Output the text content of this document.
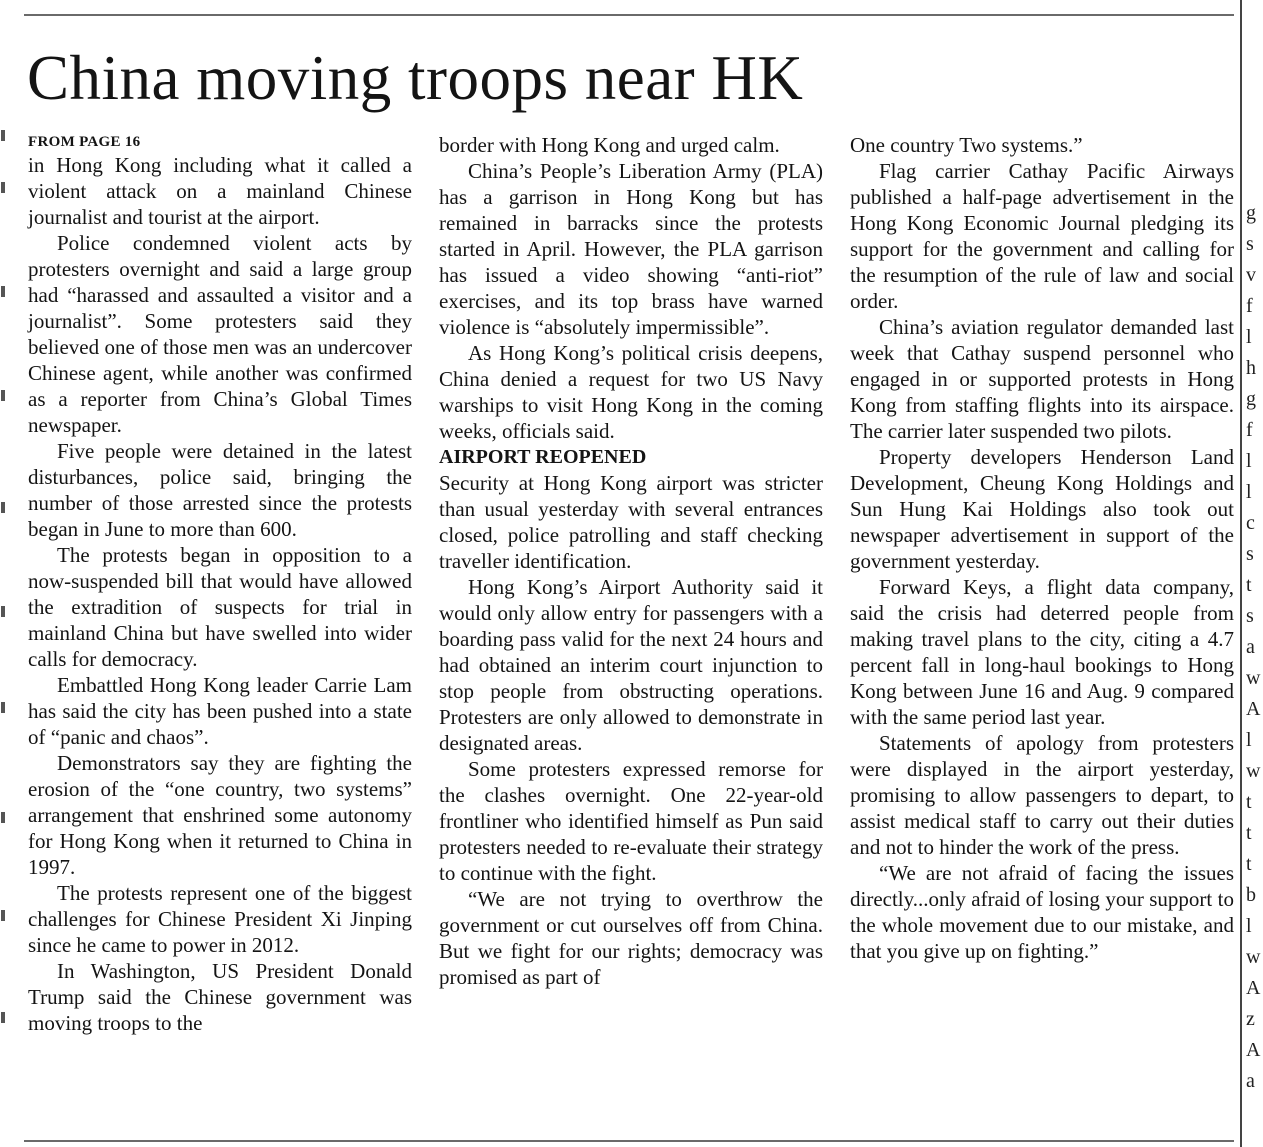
g
s
v
f
l
h
g
f
l
l
c
s
t
s
a
w
A
l
w
t
t
t
b
l
w
A
z
A
a
China moving troops near HK
FROM PAGE 16

in Hong Kong including what it called a violent attack on a mainland Chinese journalist and tourist at the airport.

Police condemned violent acts by protesters overnight and said a large group had “harassed and assaulted a visitor and a journalist”. Some protesters said they believed one of those men was an undercover Chinese agent, while another was confirmed as a reporter from China’s Global Times newspaper.

Five people were detained in the latest disturbances, police said, bringing the number of those arrested since the protests began in June to more than 600.

The protests began in opposition to a now-suspended bill that would have allowed the extradition of suspects for trial in mainland China but have swelled into wider calls for democracy.

Embattled Hong Kong leader Carrie Lam has said the city has been pushed into a state of “panic and chaos”.

Demonstrators say they are fighting the erosion of the “one country, two systems” arrangement that enshrined some autonomy for Hong Kong when it returned to China in 1997.

The protests represent one of the biggest challenges for Chinese President Xi Jinping since he came to power in 2012.

In Washington, US President Donald Trump said the Chinese government was moving troops to the

border with Hong Kong and urged calm.

China’s People’s Liberation Army (PLA) has a garrison in Hong Kong but has remained in barracks since the protests started in April. However, the PLA garrison has issued a video showing “anti-riot” exercises, and its top brass have warned violence is “absolutely impermissible”.

As Hong Kong’s political crisis deepens, China denied a request for two US Navy warships to visit Hong Kong in the coming weeks, officials said.

AIRPORT REOPENED

Security at Hong Kong airport was stricter than usual yesterday with several entrances closed, police patrolling and staff checking traveller identification.

Hong Kong’s Airport Authority said it would only allow entry for passengers with a boarding pass valid for the next 24 hours and had obtained an interim court injunction to stop people from obstructing operations. Protesters are only allowed to demonstrate in designated areas.

Some protesters expressed remorse for the clashes overnight. One 22-year-old frontliner who identified himself as Pun said protesters needed to re-evaluate their strategy to continue with the fight.

“We are not trying to overthrow the government or cut ourselves off from China. But we fight for our rights; democracy was promised as part of

One country Two systems.”

Flag carrier Cathay Pacific Airways published a half-page advertisement in the Hong Kong Economic Journal pledging its support for the government and calling for the resumption of the rule of law and social order.

China’s aviation regulator demanded last week that Cathay suspend personnel who engaged in or supported protests in Hong Kong from staffing flights into its airspace. The carrier later suspended two pilots.

Property developers Henderson Land Development, Cheung Kong Holdings and Sun Hung Kai Holdings also took out newspaper advertisement in support of the government yesterday.

Forward Keys, a flight data company, said the crisis had deterred people from making travel plans to the city, citing a 4.7 percent fall in long-haul bookings to Hong Kong between June 16 and Aug. 9 compared with the same period last year.

Statements of apology from protesters were displayed in the airport yesterday, promising to allow passengers to depart, to assist medical staff to carry out their duties and not to hinder the work of the press.

“We are not afraid of facing the issues directly...only afraid of losing your support to the whole movement due to our mistake, and that you give up on fighting.”
